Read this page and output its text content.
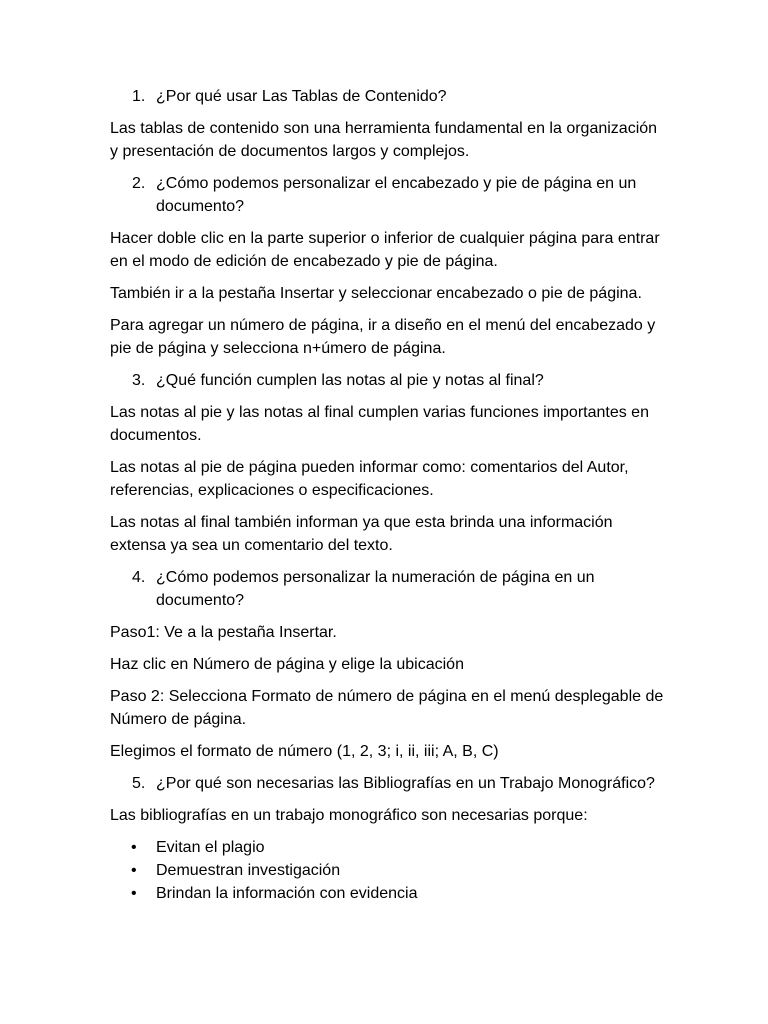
1. ¿Por qué usar Las Tablas de Contenido?
Las tablas de contenido son una herramienta fundamental en la organización y presentación de documentos largos y complejos.
2. ¿Cómo podemos personalizar el encabezado y pie de página en un documento?
Hacer doble clic en la parte superior o inferior de cualquier página para entrar en el modo de edición de encabezado y pie de página.
También ir a la pestaña Insertar y seleccionar encabezado o pie de página.
Para agregar un número de página, ir a diseño en el menú del encabezado y pie de página y selecciona n+úmero de página.
3. ¿Qué función cumplen las notas al pie y notas al final?
Las notas al pie y las notas al final cumplen varias funciones importantes en documentos.
Las notas al pie de página pueden informar como: comentarios del Autor, referencias, explicaciones o especificaciones.
Las notas al final también informan ya que esta brinda una información extensa ya sea un comentario del texto.
4. ¿Cómo podemos personalizar la numeración de página en un documento?
Paso1: Ve a la pestaña Insertar.
Haz clic en Número de página y elige la ubicación
Paso 2: Selecciona Formato de número de página en el menú desplegable de Número de página.
Elegimos el formato de número (1, 2, 3; i, ii, iii; A, B, C)
5. ¿Por qué son necesarias las Bibliografías en un Trabajo Monográfico?
Las bibliografías en un trabajo monográfico son necesarias porque:
• Evitan el plagio
• Demuestran investigación
• Brindan la información con evidencia
